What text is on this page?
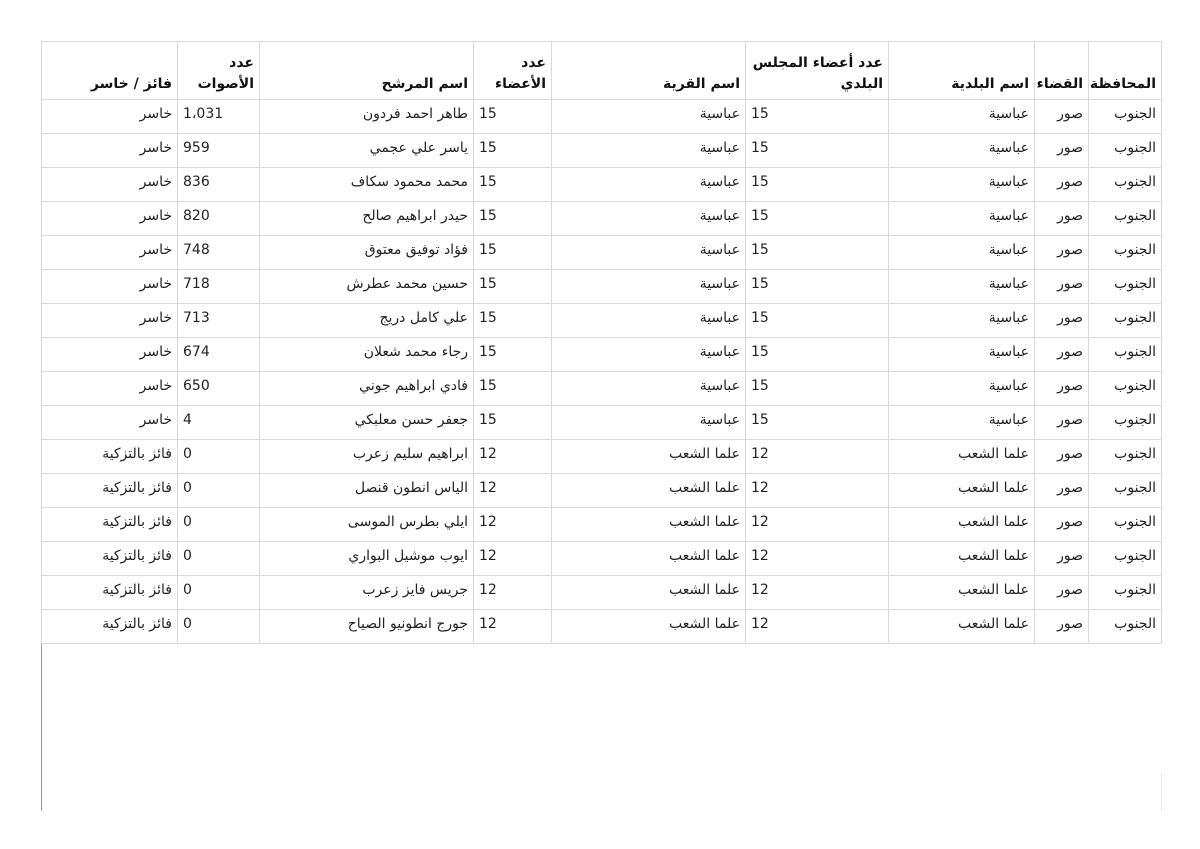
المحافظة	القضاء	اسم البلدية	عدد أعضاء المجلس البلدي	اسم القرية	عدد الأعضاء	اسم المرشح	عدد الأصوات	فائز / خاسر
الجنوب	صور	عباسية	15	عباسية	15	طاهر احمد فردون	1،031	خاسر
الجنوب	صور	عباسية	15	عباسية	15	ياسر علي عجمي	959	خاسر
الجنوب	صور	عباسية	15	عباسية	15	محمد محمود سكاف	836	خاسر
الجنوب	صور	عباسية	15	عباسية	15	حيدر ابراهيم صالح	820	خاسر
الجنوب	صور	عباسية	15	عباسية	15	فؤاد توفيق معتوق	748	خاسر
الجنوب	صور	عباسية	15	عباسية	15	حسين محمد عطرش	718	خاسر
الجنوب	صور	عباسية	15	عباسية	15	علي كامل دريج	713	خاسر
الجنوب	صور	عباسية	15	عباسية	15	رجاء محمد شعلان	674	خاسر
الجنوب	صور	عباسية	15	عباسية	15	فادي ابراهيم جوني	650	خاسر
الجنوب	صور	عباسية	15	عباسية	15	جعفر حسن معلبكي	4	خاسر
الجنوب	صور	علما الشعب	12	علما الشعب	12	ابراهيم سليم زعرب	0	فائز بالتزكية
الجنوب	صور	علما الشعب	12	علما الشعب	12	الياس انطون قنصل	0	فائز بالتزكية
الجنوب	صور	علما الشعب	12	علما الشعب	12	ايلي بطرس الموسى	0	فائز بالتزكية
الجنوب	صور	علما الشعب	12	علما الشعب	12	ايوب موشيل البواري	0	فائز بالتزكية
الجنوب	صور	علما الشعب	12	علما الشعب	12	جريس فايز زعرب	0	فائز بالتزكية
الجنوب	صور	علما الشعب	12	علما الشعب	12	جورج انطونيو الصياح	0	فائز بالتزكية
